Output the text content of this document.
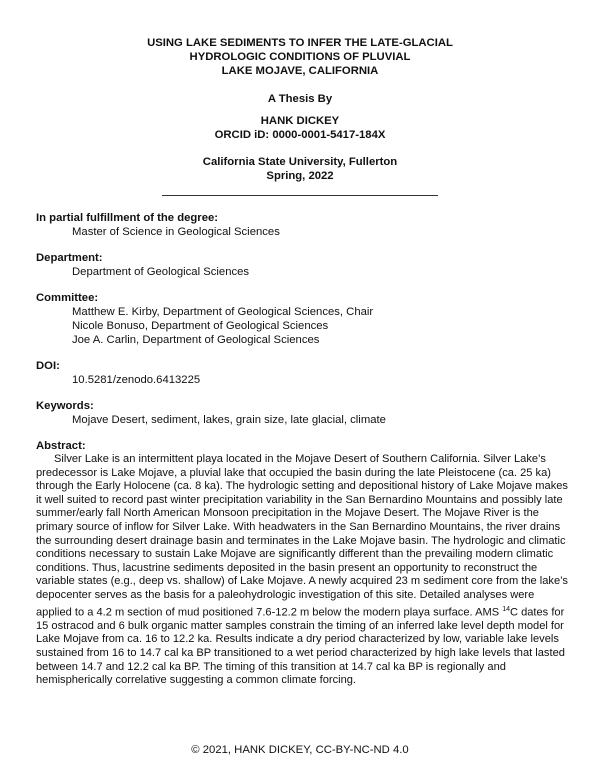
USING LAKE SEDIMENTS TO INFER THE LATE-GLACIAL
HYDROLOGIC CONDITIONS OF PLUVIAL
LAKE MOJAVE, CALIFORNIA
A Thesis By
HANK DICKEY
ORCID iD: 0000-0001-5417-184X
California State University, Fullerton
Spring, 2022
In partial fulfillment of the degree:
Master of Science in Geological Sciences
Department:
Department of Geological Sciences
Committee:
Matthew E. Kirby, Department of Geological Sciences, Chair
Nicole Bonuso, Department of Geological Sciences
Joe A. Carlin, Department of Geological Sciences
DOI:
10.5281/zenodo.6413225
Keywords:
Mojave Desert, sediment, lakes, grain size, late glacial, climate
Abstract:
Silver Lake is an intermittent playa located in the Mojave Desert of Southern California. Silver Lake’s predecessor is Lake Mojave, a pluvial lake that occupied the basin during the late Pleistocene (ca. 25 ka) through the Early Holocene (ca. 8 ka). The hydrologic setting and depositional history of Lake Mojave makes it well suited to record past winter precipitation variability in the San Bernardino Mountains and possibly late summer/early fall North American Monsoon precipitation in the Mojave Desert. The Mojave River is the primary source of inflow for Silver Lake. With headwaters in the San Bernardino Mountains, the river drains the surrounding desert drainage basin and terminates in the Lake Mojave basin. The hydrologic and climatic conditions necessary to sustain Lake Mojave are significantly different than the prevailing modern climatic conditions. Thus, lacustrine sediments deposited in the basin present an opportunity to reconstruct the variable states (e.g., deep vs. shallow) of Lake Mojave. A newly acquired 23 m sediment core from the lake’s depocenter serves as the basis for a paleohydrologic investigation of this site. Detailed analyses were applied to a 4.2 m section of mud positioned 7.6-12.2 m below the modern playa surface. AMS $^{14}$C dates for 15 ostracod and 6 bulk organic matter samples constrain the timing of an inferred lake level depth model for Lake Mojave from ca. 16 to 12.2 ka. Results indicate a dry period characterized by low, variable lake levels sustained from 16 to 14.7 cal ka BP transitioned to a wet period characterized by high lake levels that lasted between 14.7 and 12.2 cal ka BP. The timing of this transition at 14.7 cal ka BP is regionally and hemispherically correlative suggesting a common climate forcing.
© 2021, HANK DICKEY, CC-BY-NC-ND 4.0
